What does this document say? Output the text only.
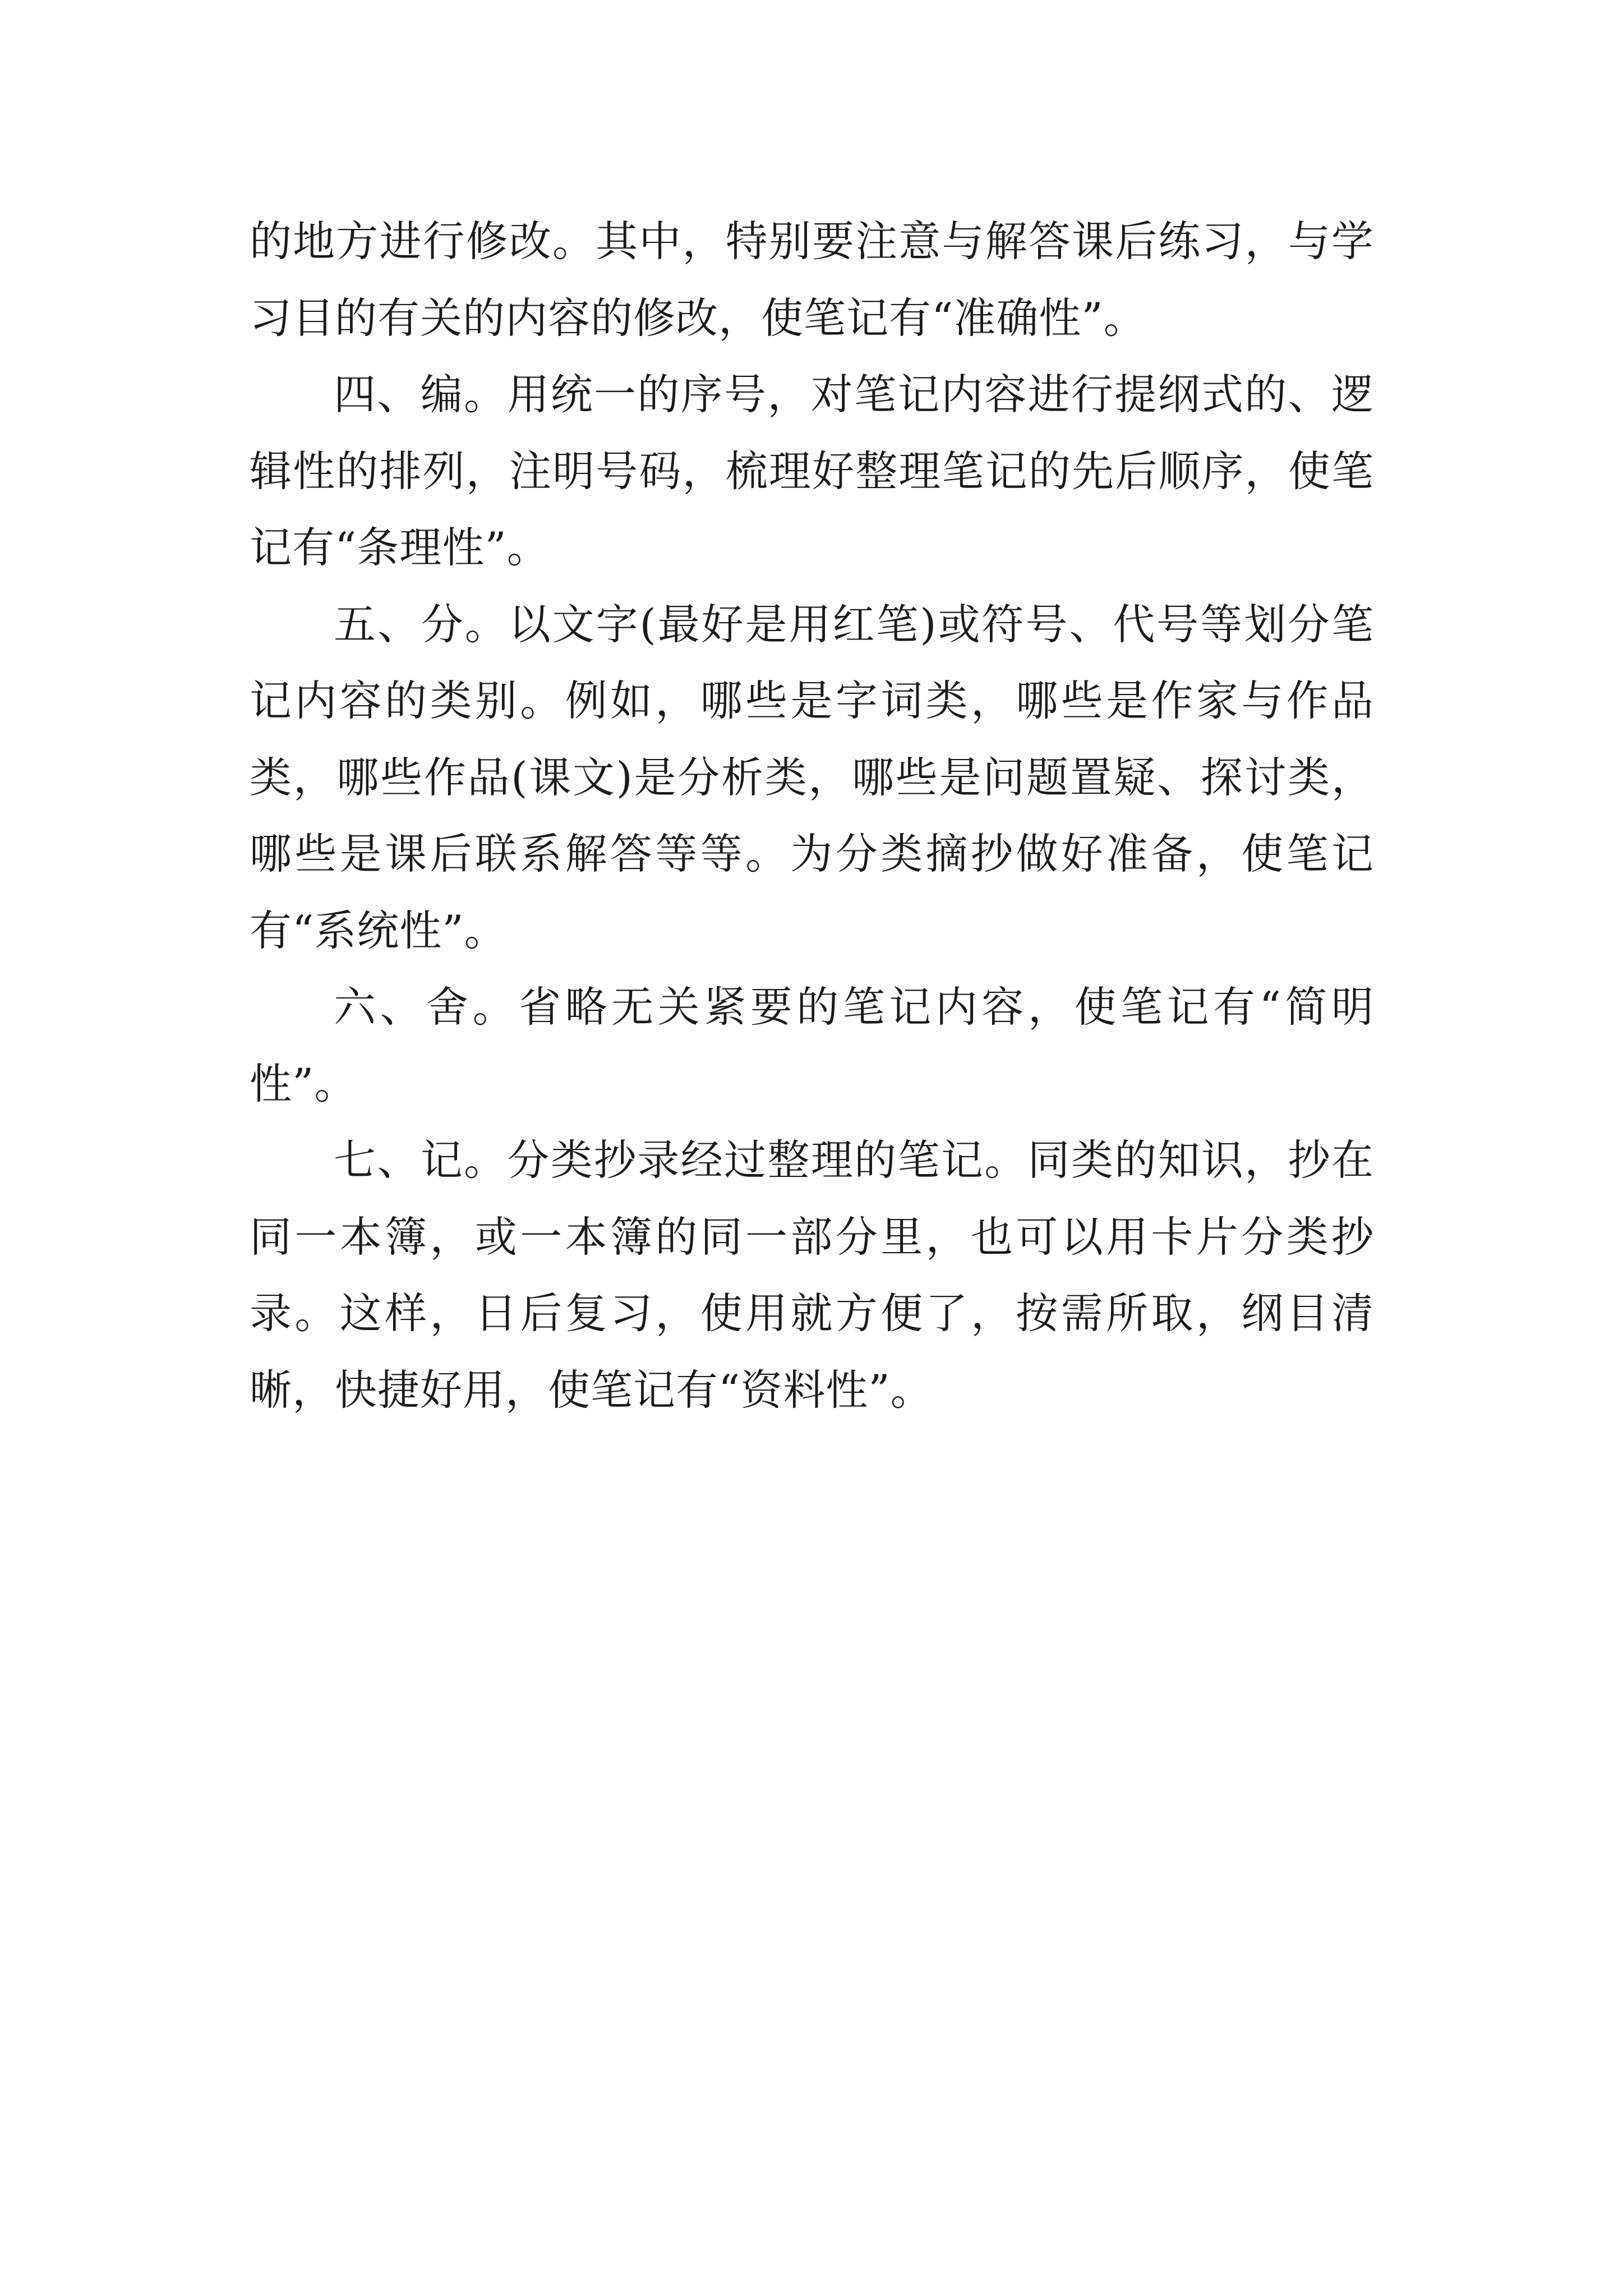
的地方进行修改。其中，特别要注意与解答课后练习，与学习目的有关的内容的修改，使笔记有“准确性”。

四、编。用统一的序号，对笔记内容进行提纲式的、逻辑性的排列，注明号码，梳理好整理笔记的先后顺序，使笔记有“条理性”。

五、分。以文字(最好是用红笔)或符号、代号等划分笔记内容的类别。例如，哪些是字词类，哪些是作家与作品类，哪些作品(课文)是分析类，哪些是问题置疑、探讨类，哪些是课后联系解答等等。为分类摘抄做好准备，使笔记有“系统性”。

六、舍。省略无关紧要的笔记内容，使笔记有“简明性”。

七、记。分类抄录经过整理的笔记。同类的知识，抄在同一本簿，或一本簿的同一部分里，也可以用卡片分类抄录。这样，日后复习，使用就方便了，按需所取，纲目清晰，快捷好用，使笔记有“资料性”。
